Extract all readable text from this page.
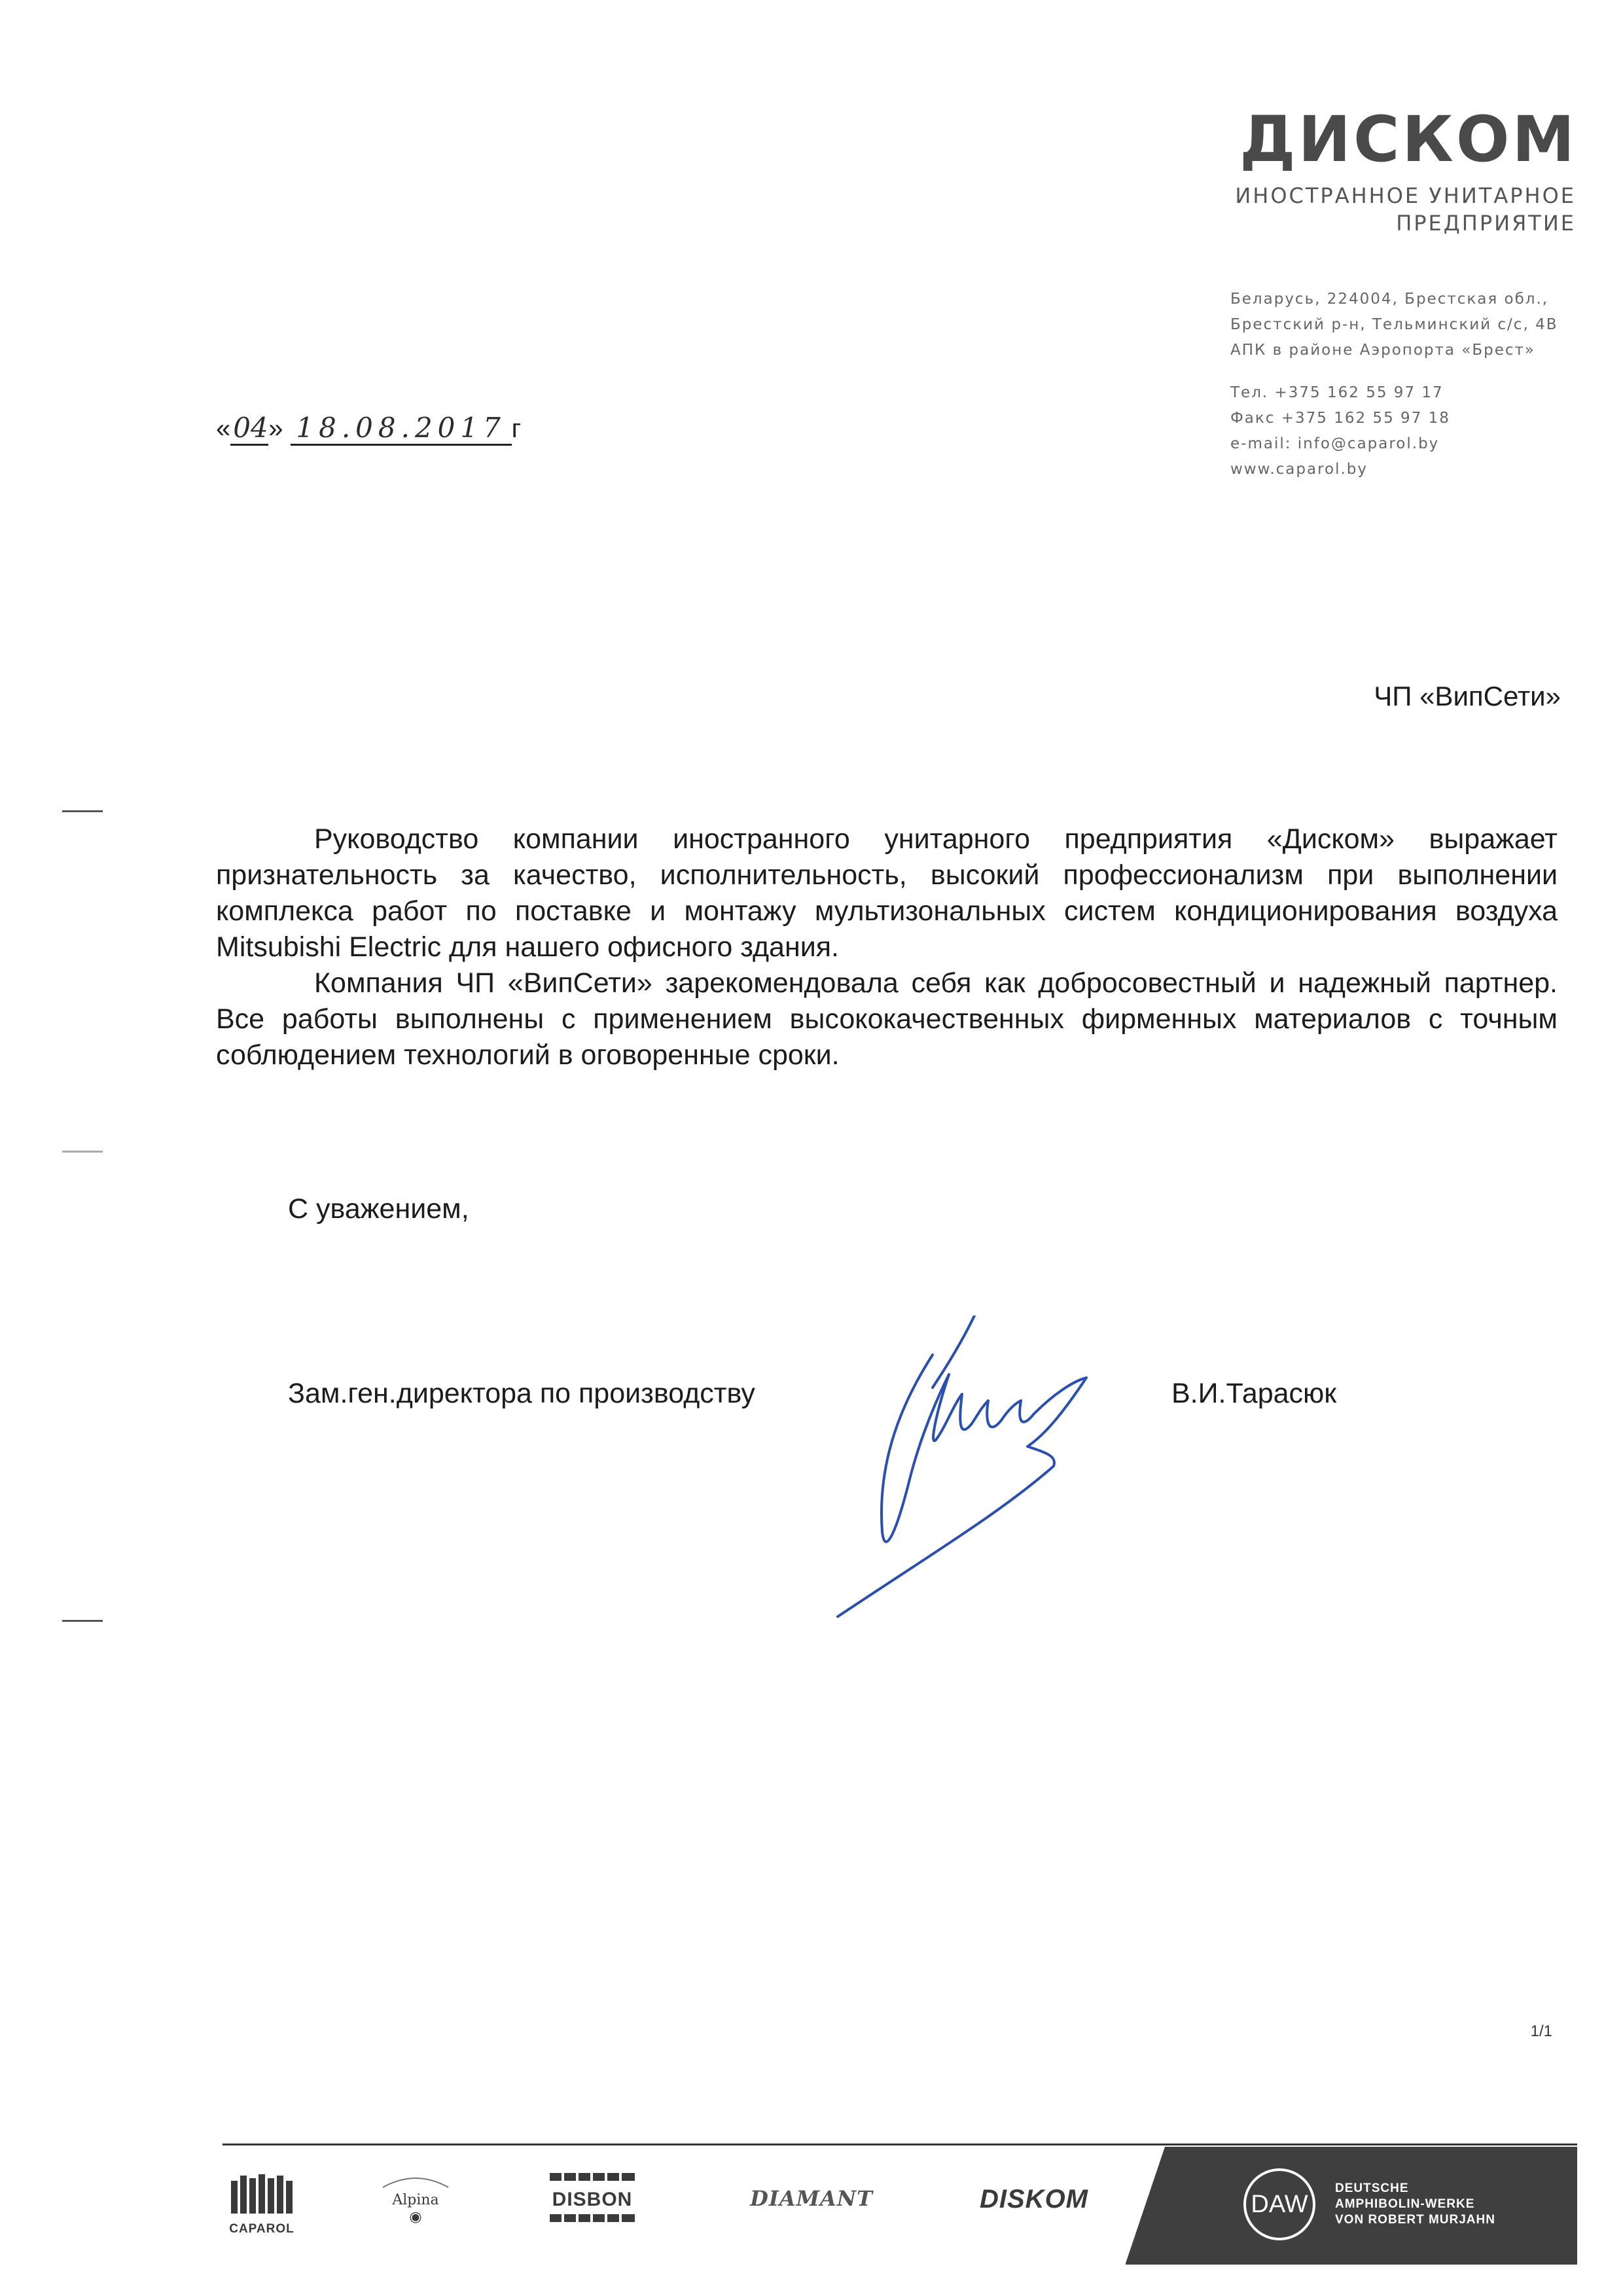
ДИСКОМ
ИНОСТРАННОЕ УНИТАРНОЕ
ПРЕДПРИЯТИЕ
Беларусь, 224004, Брестская обл.,
Брестский р-н, Тельминский с/с, 4В
АПК в районе Аэропорта «Брест»
Тел. +375 162 55 97 17
Факс +375 162 55 97 18
e-mail: info@caparol.by
www.caparol.by
«04» 18.08.2017 г
ЧП «ВипСети»

Руководство компании иностранного унитарного предприятия «Диском» выражает признательность за качество, исполнительность, высокий профессионализм при выполнении комплекса работ по поставке и монтажу мультизональных систем кондиционирования воздуха Mitsubishi Electric для нашего офисного здания.

Компания ЧП «ВипСети» зарекомендовала себя как добросовестный и надежный партнер. Все работы выполнены с применением высококачественных фирменных материалов с точным соблюдением технологий в оговоренные сроки.

С уважением,
Зам.ген.директора по производству	В.И.Тарасюк
1/1
CAPAROL
Alpina
◉
DISBON	DIAMANT	DISKOM	DAW
DEUTSCHE
AMPHIBOLIN-WERKE
VON ROBERT MURJAHN
